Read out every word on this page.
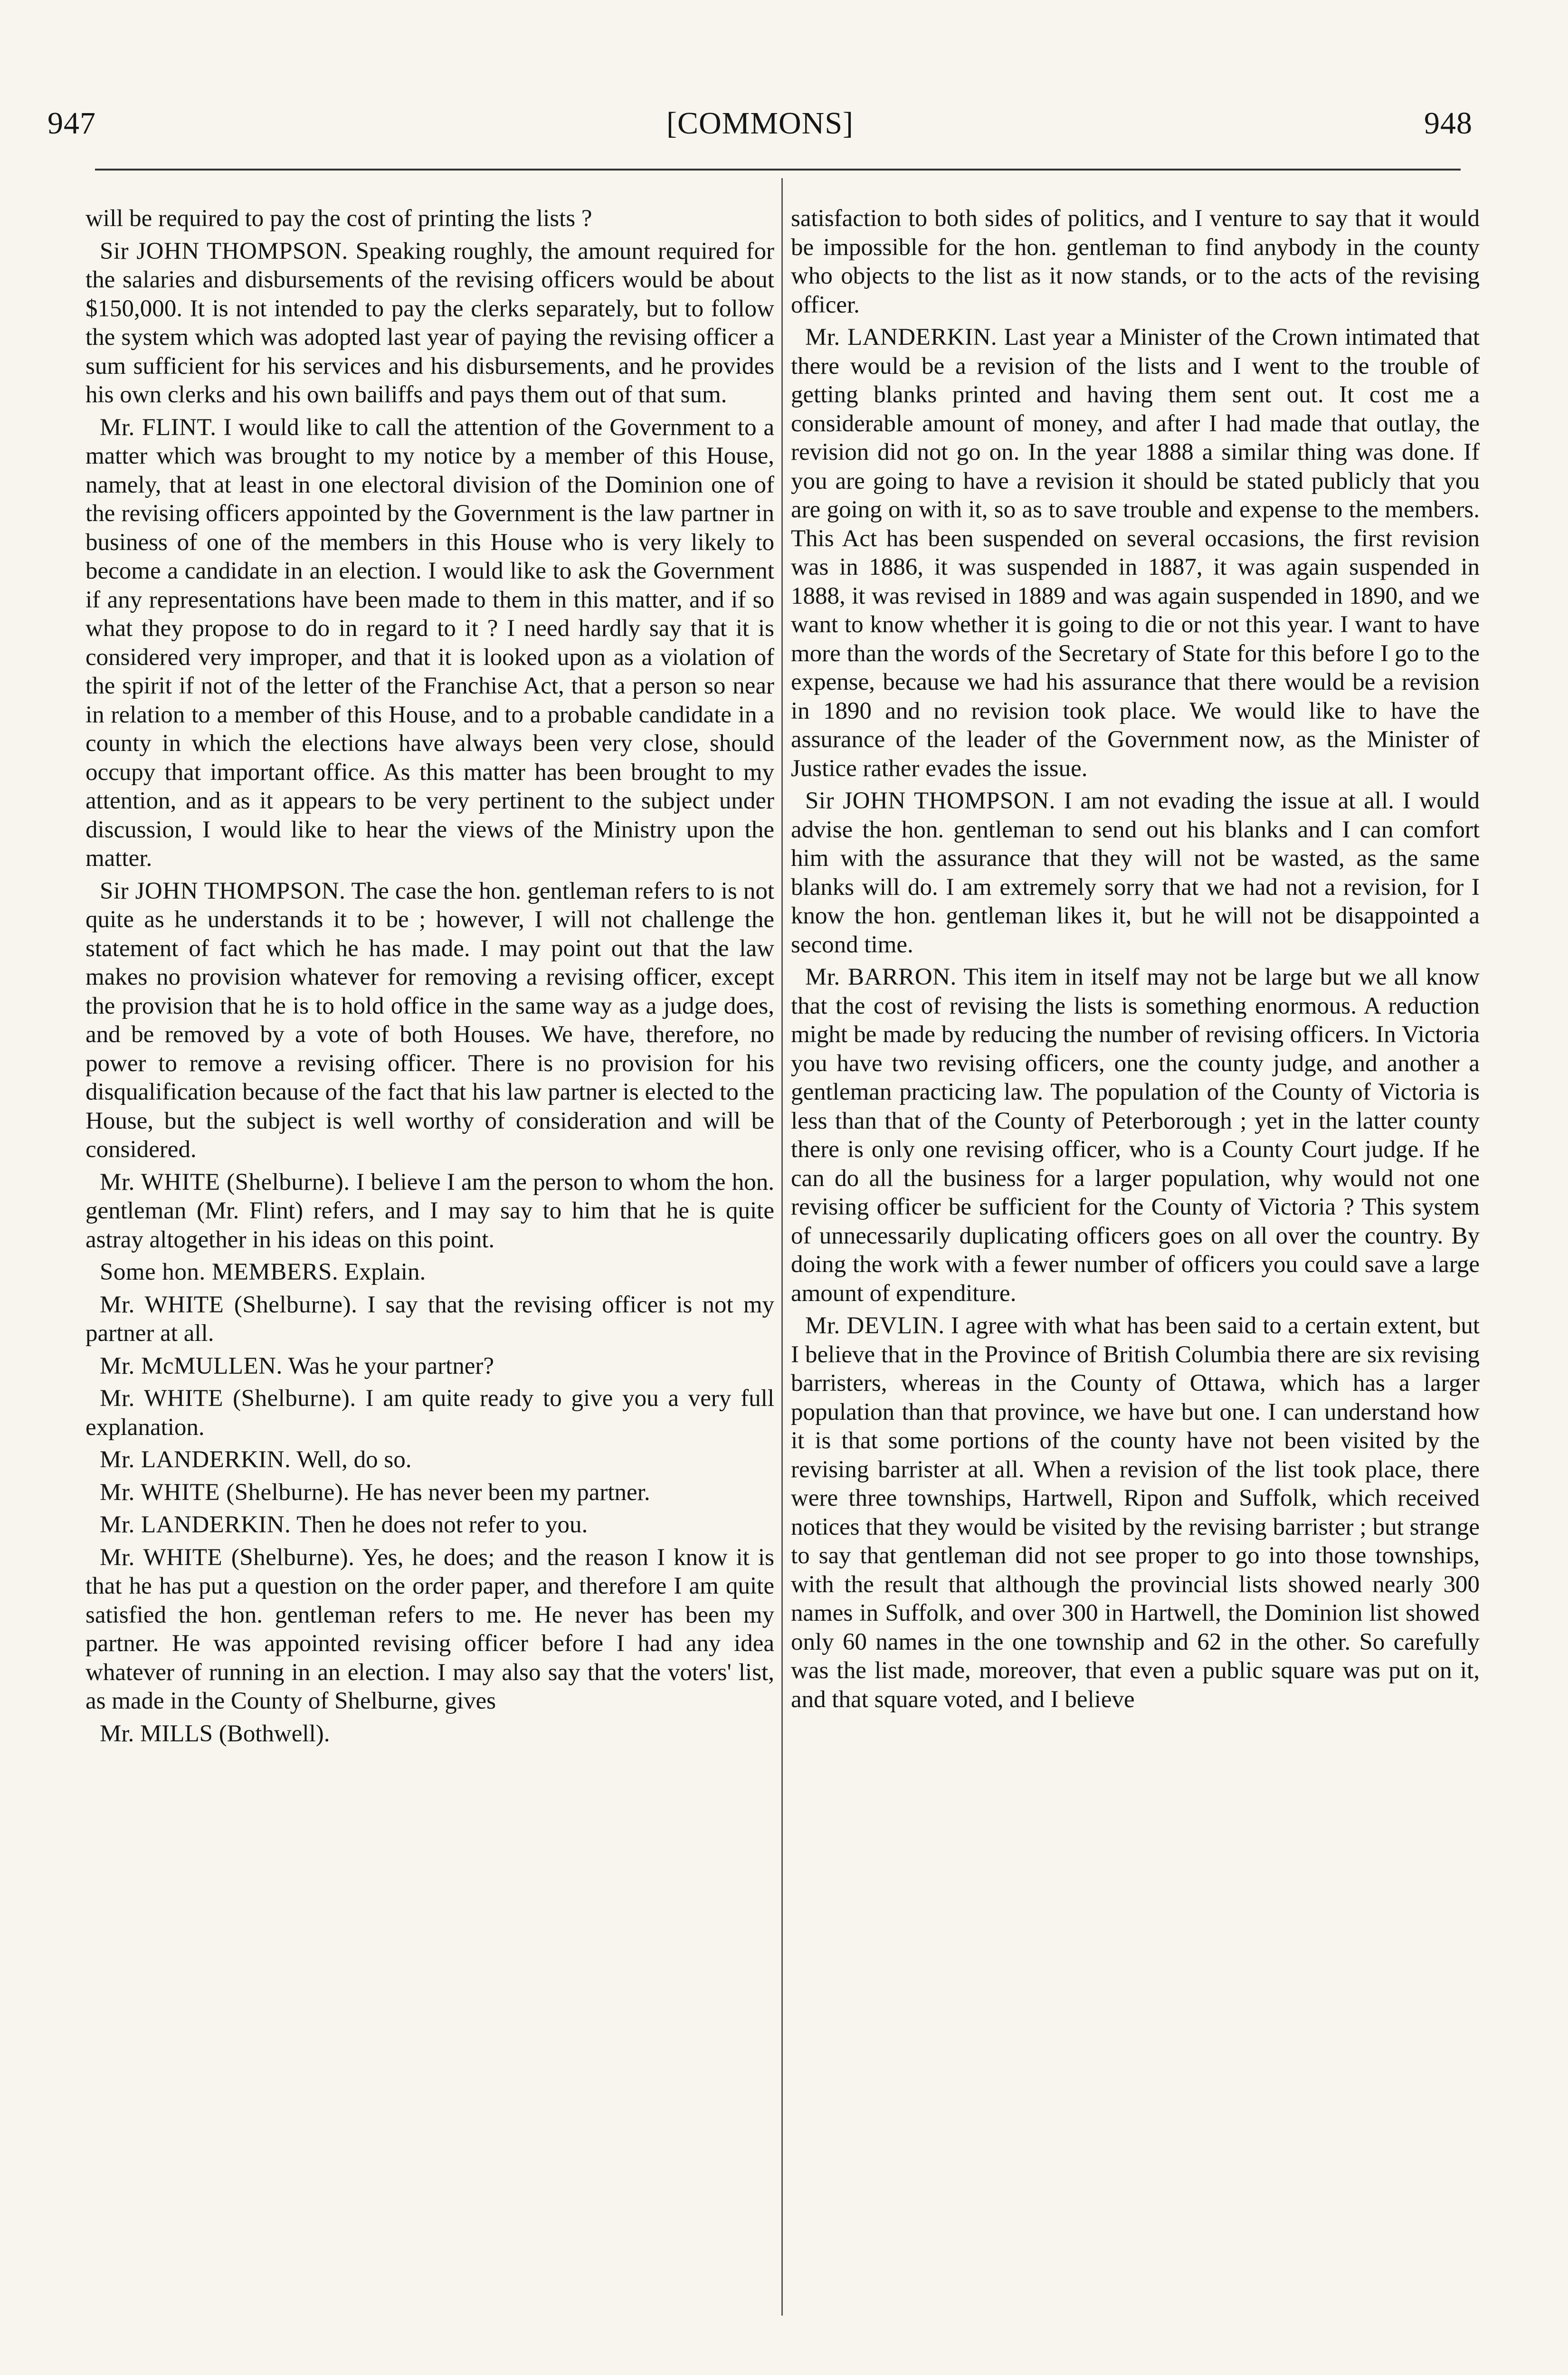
947	[COMMONS]	948

will be required to pay the cost of printing the lists ?

Sir JOHN THOMPSON. Speaking roughly, the amount required for the salaries and disbursements of the revising officers would be about $150,000. It is not intended to pay the clerks separately, but to follow the system which was adopted last year of paying the revising officer a sum sufficient for his services and his disbursements, and he provides his own clerks and his own bailiffs and pays them out of that sum.

Mr. FLINT. I would like to call the attention of the Government to a matter which was brought to my notice by a member of this House, namely, that at least in one electoral division of the Dominion one of the revising officers appointed by the Government is the law partner in business of one of the members in this House who is very likely to become a candidate in an election. I would like to ask the Government if any representations have been made to them in this matter, and if so what they propose to do in regard to it ? I need hardly say that it is considered very improper, and that it is looked upon as a violation of the spirit if not of the letter of the Franchise Act, that a person so near in relation to a member of this House, and to a probable candidate in a county in which the elections have always been very close, should occupy that important office. As this matter has been brought to my attention, and as it appears to be very pertinent to the subject under discussion, I would like to hear the views of the Ministry upon the matter.

Sir JOHN THOMPSON. The case the hon. gentleman refers to is not quite as he understands it to be ; however, I will not challenge the statement of fact which he has made. I may point out that the law makes no provision whatever for removing a revising officer, except the provision that he is to hold office in the same way as a judge does, and be removed by a vote of both Houses. We have, therefore, no power to remove a revising officer. There is no provision for his disqualification because of the fact that his law partner is elected to the House, but the subject is well worthy of consideration and will be considered.

Mr. WHITE (Shelburne). I believe I am the person to whom the hon. gentleman (Mr. Flint) refers, and I may say to him that he is quite astray altogether in his ideas on this point.

Some hon. MEMBERS. Explain.

Mr. WHITE (Shelburne). I say that the revising officer is not my partner at all.

Mr. McMULLEN. Was he your partner?

Mr. WHITE (Shelburne). I am quite ready to give you a very full explanation.

Mr. LANDERKIN. Well, do so.

Mr. WHITE (Shelburne). He has never been my partner.

Mr. LANDERKIN. Then he does not refer to you.

Mr. WHITE (Shelburne). Yes, he does; and the reason I know it is that he has put a question on the order paper, and therefore I am quite satisfied the hon. gentleman refers to me. He never has been my partner. He was appointed revising officer before I had any idea whatever of running in an election. I may also say that the voters' list, as made in the County of Shelburne, gives

Mr. MILLS (Bothwell).

satisfaction to both sides of politics, and I venture to say that it would be impossible for the hon. gentleman to find anybody in the county who objects to the list as it now stands, or to the acts of the revising officer.

Mr. LANDERKIN. Last year a Minister of the Crown intimated that there would be a revision of the lists and I went to the trouble of getting blanks printed and having them sent out. It cost me a considerable amount of money, and after I had made that outlay, the revision did not go on. In the year 1888 a similar thing was done. If you are going to have a revision it should be stated publicly that you are going on with it, so as to save trouble and expense to the members. This Act has been suspended on several occasions, the first revision was in 1886, it was suspended in 1887, it was again suspended in 1888, it was revised in 1889 and was again suspended in 1890, and we want to know whether it is going to die or not this year. I want to have more than the words of the Secretary of State for this before I go to the expense, because we had his assurance that there would be a revision in 1890 and no revision took place. We would like to have the assurance of the leader of the Government now, as the Minister of Justice rather evades the issue.

Sir JOHN THOMPSON. I am not evading the issue at all. I would advise the hon. gentleman to send out his blanks and I can comfort him with the assurance that they will not be wasted, as the same blanks will do. I am extremely sorry that we had not a revision, for I know the hon. gentleman likes it, but he will not be disappointed a second time.

Mr. BARRON. This item in itself may not be large but we all know that the cost of revising the lists is something enormous. A reduction might be made by reducing the number of revising officers. In Victoria you have two revising officers, one the county judge, and another a gentleman practicing law. The population of the County of Victoria is less than that of the County of Peterborough ; yet in the latter county there is only one revising officer, who is a County Court judge. If he can do all the business for a larger population, why would not one revising officer be sufficient for the County of Victoria ? This system of unnecessarily duplicating officers goes on all over the country. By doing the work with a fewer number of officers you could save a large amount of expenditure.

Mr. DEVLIN. I agree with what has been said to a certain extent, but I believe that in the Province of British Columbia there are six revising barristers, whereas in the County of Ottawa, which has a larger population than that province, we have but one. I can understand how it is that some portions of the county have not been visited by the revising barrister at all. When a revision of the list took place, there were three townships, Hartwell, Ripon and Suffolk, which received notices that they would be visited by the revising barrister ; but strange to say that gentleman did not see proper to go into those townships, with the result that although the provincial lists showed nearly 300 names in Suffolk, and over 300 in Hartwell, the Dominion list showed only 60 names in the one township and 62 in the other. So carefully was the list made, moreover, that even a public square was put on it, and that square voted, and I believe
